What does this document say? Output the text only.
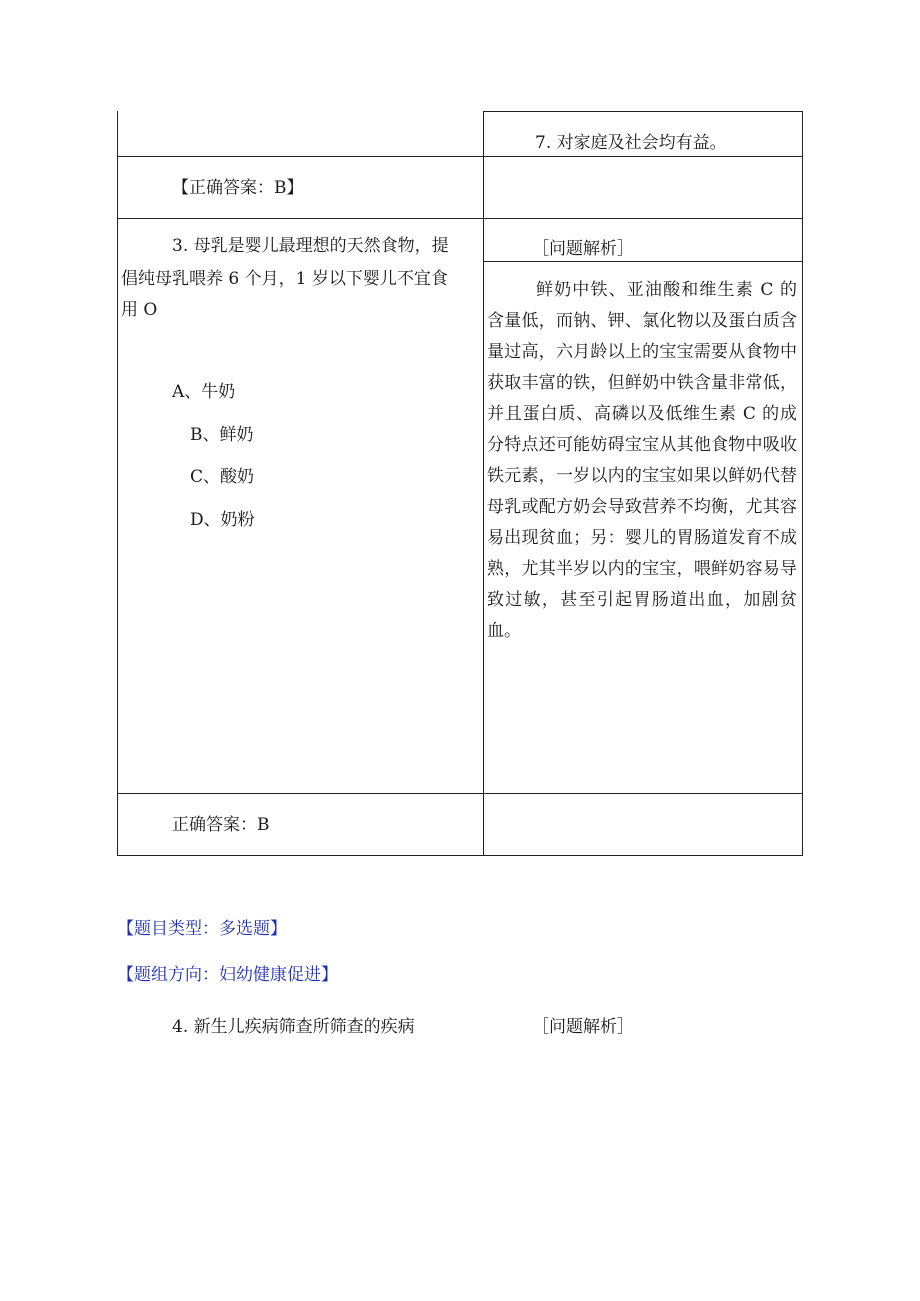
7. 对家庭及社会均有益。
【正确答案：B】
3. 母乳是婴儿最理想的天然食物，提
倡纯母乳喂养 6 个月，1 岁以下婴儿不宜食
用 O
A、牛奶
B、鲜奶
C、酸奶
D、奶粉
［问题解析］
鲜奶中铁、亚油酸和维生素 C 的含量低，而钠、钾、氯化物以及蛋白质含量过高，六月龄以上的宝宝需要从食物中获取丰富的铁，但鲜奶中铁含量非常低，并且蛋白质、高磷以及低维生素 C 的成分特点还可能妨碍宝宝从其他食物中吸收铁元素，一岁以内的宝宝如果以鲜奶代替母乳或配方奶会导致营养不均衡，尤其容易出现贫血；另：婴儿的胃肠道发育不成熟，尤其半岁以内的宝宝，喂鲜奶容易导致过敏，甚至引起胃肠道出血，加剧贫血。
正确答案：B
【题目类型：多选题】
【题组方向：妇幼健康促进】
4. 新生儿疾病筛查所筛查的疾病	［问题解析］
